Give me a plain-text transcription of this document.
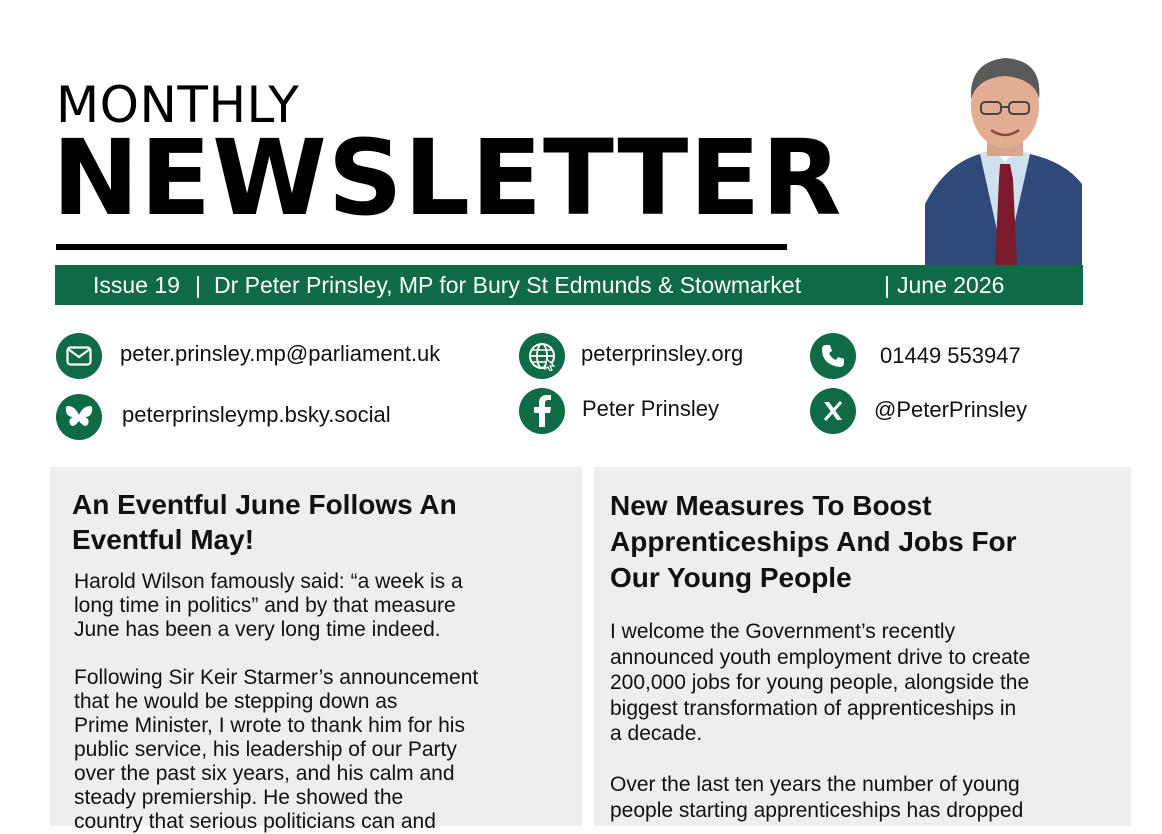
MONTHLY
NEWSLETTER
Issue 19 | Dr Peter Prinsley, MP for Bury St Edmunds & Stowmarket	| June 2026
peter.prinsley.mp@parliament.uk	peterprinsley.org	01449 553947
peterprinsleymp.bsky.social	Peter Prinsley	@PeterPrinsley

An Eventful June Follows An

Eventful May!

Harold Wilson famously said: “a week is a

long time in politics” and by that measure

June has been a very long time indeed.

Following Sir Keir Starmer’s announcement

that he would be stepping down as

Prime Minister, I wrote to thank him for his

public service, his leadership of our Party

over the past six years, and his calm and

steady premiership. He showed the

country that serious politicians can and

New Measures To Boost

Apprenticeships And Jobs For

Our Young People

I welcome the Government’s recently

announced youth employment drive to create

200,000 jobs for young people, alongside the

biggest transformation of apprenticeships in

a decade.

Over the last ten years the number of young

people starting apprenticeships has dropped
